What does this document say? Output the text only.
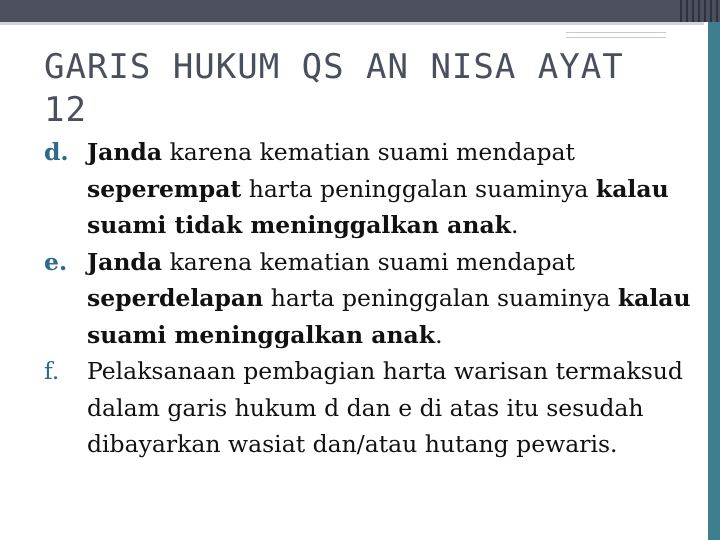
GARIS HUKUM QS AN NISA AYAT 12
d. Janda karena kematian suami mendapat seperempat harta peninggalan suaminya kalau suami tidak meninggalkan anak.
e. Janda karena kematian suami mendapat seperdelapan harta peninggalan suaminya kalau suami meninggalkan anak.
f. Pelaksanaan pembagian harta warisan termaksud dalam garis hukum d dan e di atas itu sesudah dibayarkan wasiat dan/atau hutang pewaris.
